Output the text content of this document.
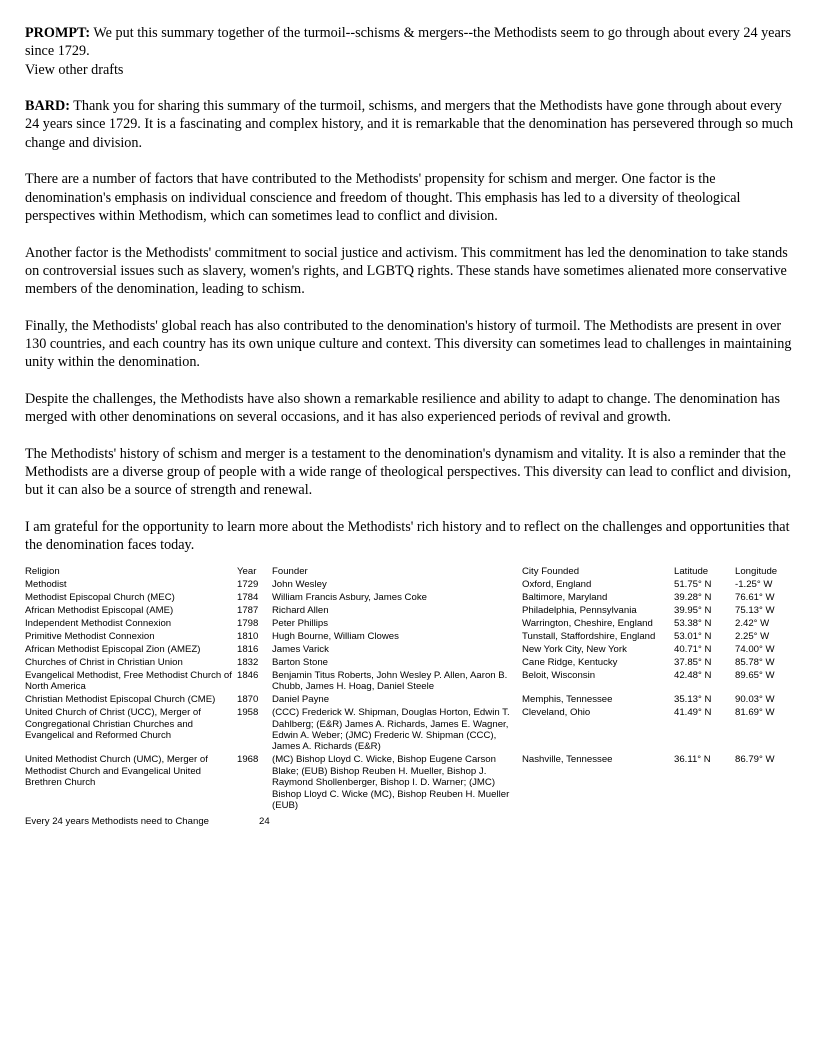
PROMPT: We put this summary together of the turmoil--schisms & mergers--the Methodists seem to go through about every 24 years since 1729.

View other drafts

BARD: Thank you for sharing this summary of the turmoil, schisms, and mergers that the Methodists have gone through about every 24 years since 1729. It is a fascinating and complex history, and it is remarkable that the denomination has persevered through so much change and division.

There are a number of factors that have contributed to the Methodists' propensity for schism and merger. One factor is the denomination's emphasis on individual conscience and freedom of thought. This emphasis has led to a diversity of theological perspectives within Methodism, which can sometimes lead to conflict and division.

Another factor is the Methodists' commitment to social justice and activism. This commitment has led the denomination to take stands on controversial issues such as slavery, women's rights, and LGBTQ rights. These stands have sometimes alienated more conservative members of the denomination, leading to schism.

Finally, the Methodists' global reach has also contributed to the denomination's history of turmoil. The Methodists are present in over 130 countries, and each country has its own unique culture and context. This diversity can sometimes lead to challenges in maintaining unity within the denomination.

Despite the challenges, the Methodists have also shown a remarkable resilience and ability to adapt to change. The denomination has merged with other denominations on several occasions, and it has also experienced periods of revival and growth.

The Methodists' history of schism and merger is a testament to the denomination's dynamism and vitality. It is also a reminder that the Methodists are a diverse group of people with a wide range of theological perspectives. This diversity can lead to conflict and division, but it can also be a source of strength and renewal.

I am grateful for the opportunity to learn more about the Methodists' rich history and to reflect on the challenges and opportunities that the denomination faces today.

Religion	Year	Founder	City Founded	Latitude	Longitude
Methodist	1729	John Wesley	Oxford, England	51.75° N	-1.25° W
Methodist Episcopal Church (MEC)	1784	William Francis Asbury, James Coke	Baltimore, Maryland	39.28° N	76.61° W
African Methodist Episcopal (AME)	1787	Richard Allen	Philadelphia, Pennsylvania	39.95° N	75.13° W
Independent Methodist Connexion	1798	Peter Phillips	Warrington, Cheshire, England	53.38° N	2.42° W
Primitive Methodist Connexion	1810	Hugh Bourne, William Clowes	Tunstall, Staffordshire, England	53.01° N	2.25° W
African Methodist Episcopal Zion (AMEZ)	1816	James Varick	New York City, New York	40.71° N	74.00° W
Churches of Christ in Christian Union	1832	Barton Stone	Cane Ridge, Kentucky	37.85° N	85.78° W
Evangelical Methodist, Free Methodist Church of North America	1846	Benjamin Titus Roberts, John Wesley P. Allen, Aaron B. Chubb, James H. Hoag, Daniel Steele	Beloit, Wisconsin	42.48° N	89.65° W
Christian Methodist Episcopal Church (CME)	1870	Daniel Payne	Memphis, Tennessee	35.13° N	90.03° W
United Church of Christ (UCC), Merger of Congregational Christian Churches and Evangelical and Reformed Church	1958	(CCC) Frederick W. Shipman, Douglas Horton, Edwin T. Dahlberg; (E&R) James A. Richards, James E. Wagner, Edwin A. Weber; (JMC) Frederic W. Shipman (CCC), James A. Richards (E&R)	Cleveland, Ohio	41.49° N	81.69° W
United Methodist Church (UMC), Merger of Methodist Church and Evangelical United Brethren Church	1968	(MC) Bishop Lloyd C. Wicke, Bishop Eugene Carson Blake; (EUB) Bishop Reuben H. Mueller, Bishop J. Raymond Shollenberger, Bishop I. D. Warner; (JMC) Bishop Lloyd C. Wicke (MC), Bishop Reuben H. Mueller (EUB)	Nashville, Tennessee	36.11° N	86.79° W
Every 24 years Methodists need to Change	24
